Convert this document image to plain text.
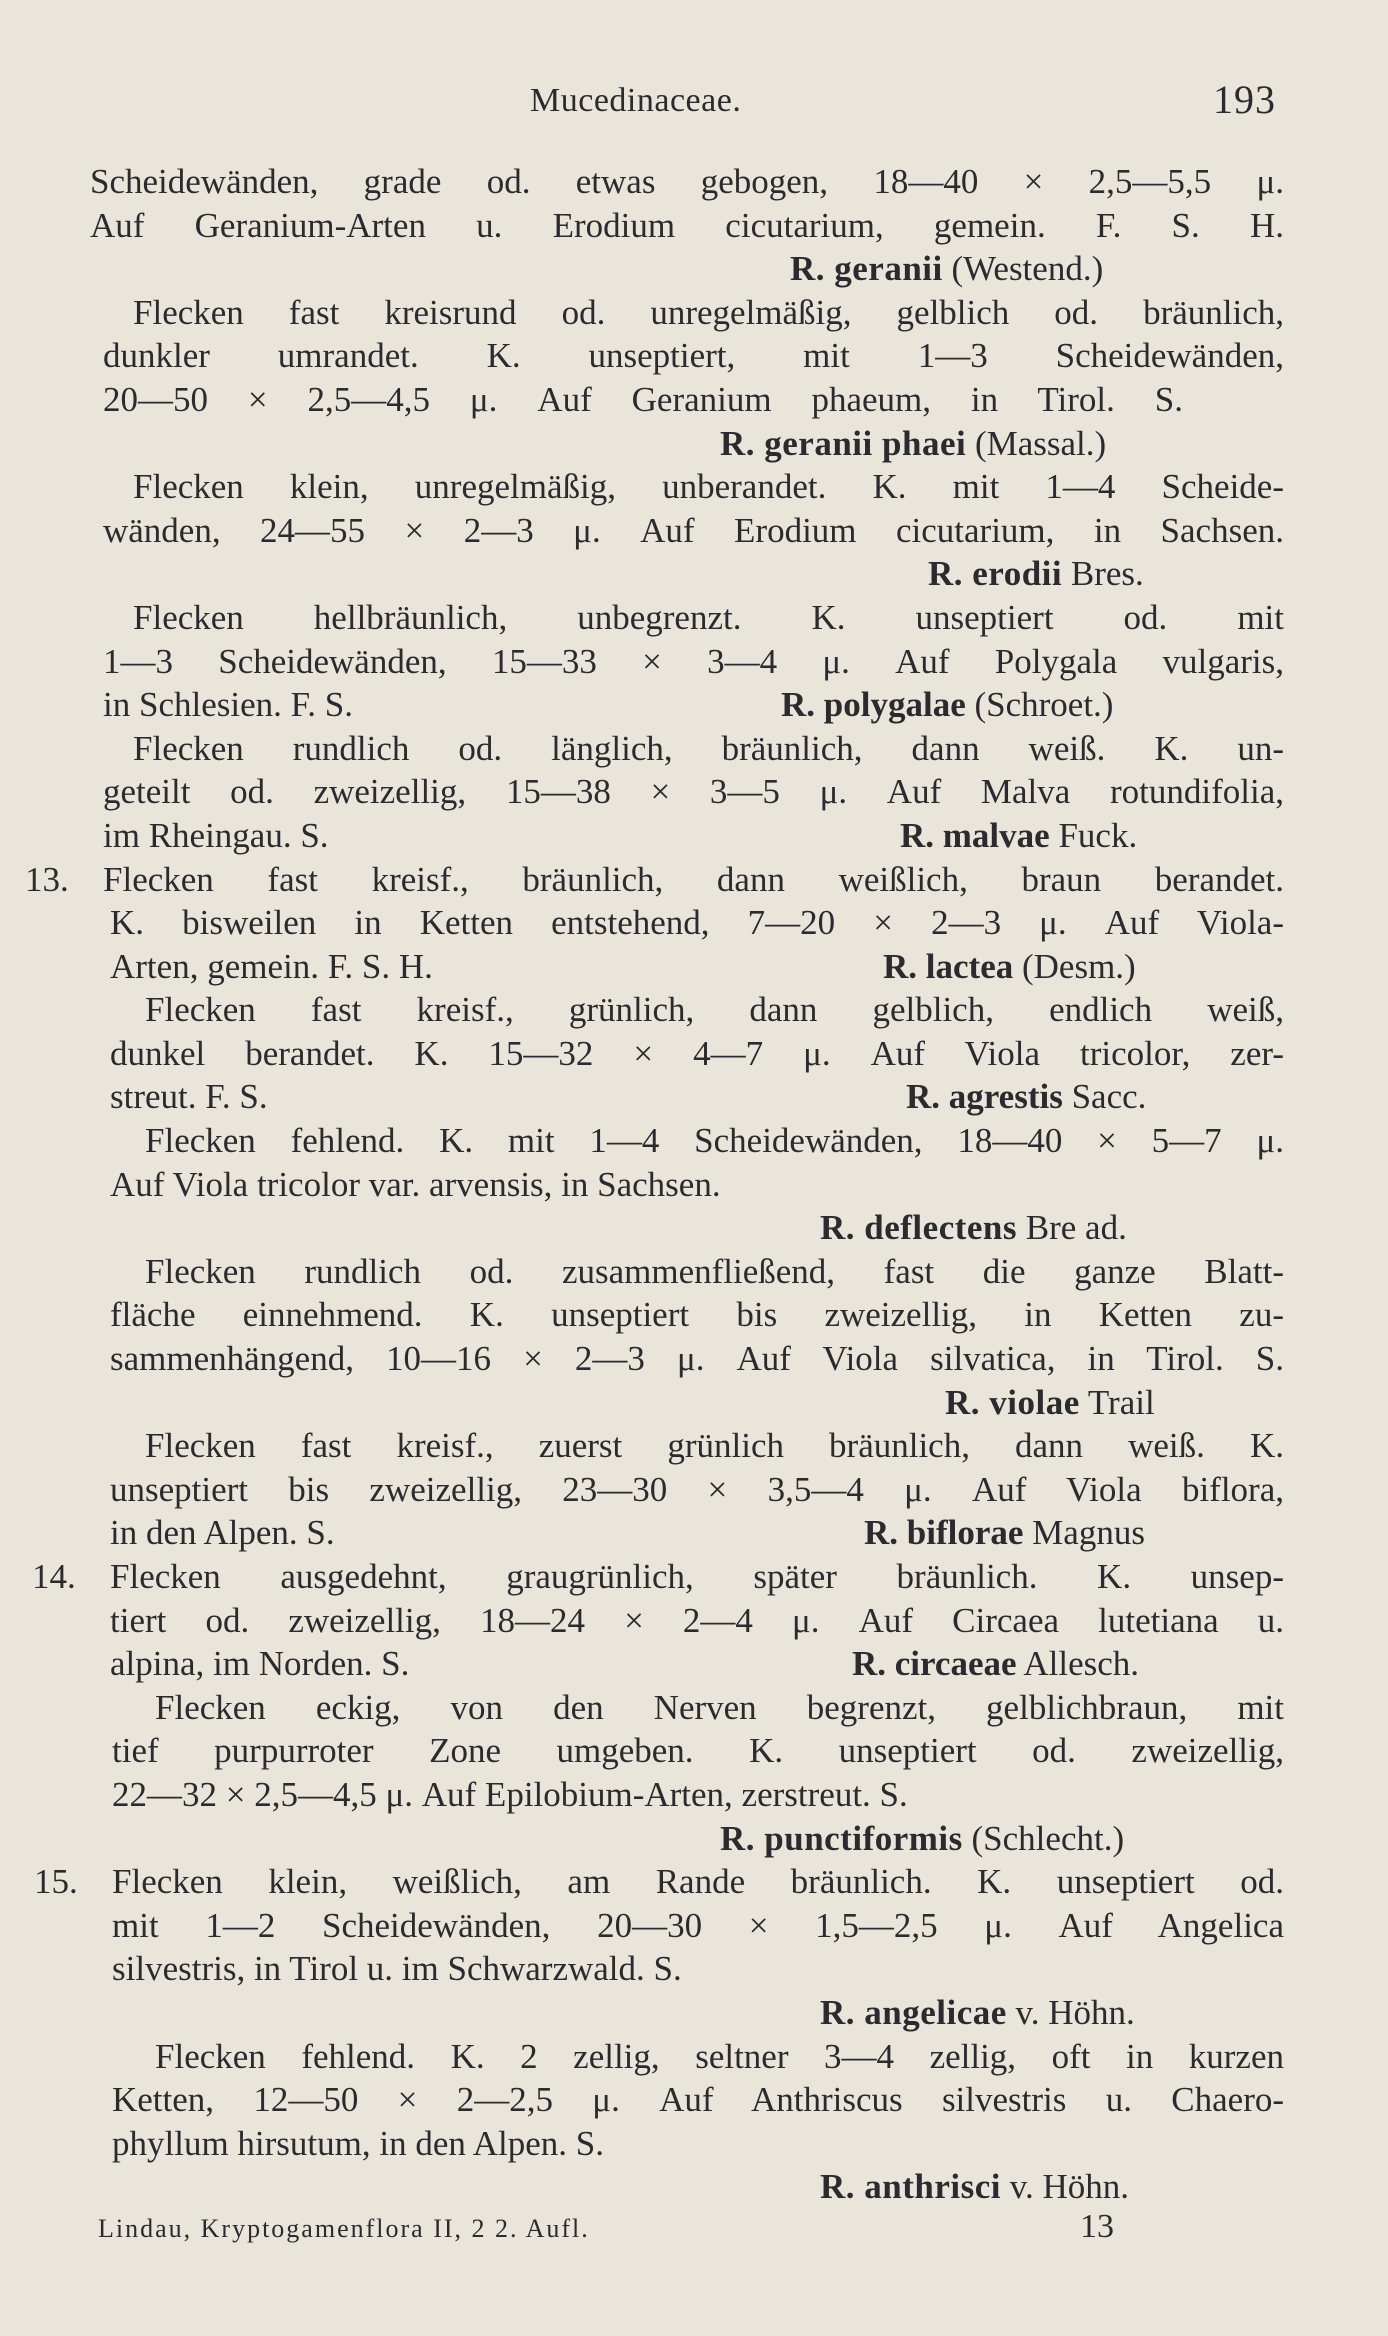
Mucedinaceae.	193
Scheidewänden, grade od. etwas gebogen, 18—40 × 2,5—5,5 μ.
Auf Geranium-Arten u. Erodium cicutarium, gemein. F. S. H.
R. geranii (Westend.)
Flecken fast kreisrund od. unregelmäßig, gelblich od. bräunlich,
dunkler umrandet. K. unseptiert, mit 1—3 Scheidewänden,
20—50 × 2,5—4,5 μ. Auf Geranium phaeum, in Tirol. S.
R. geranii phaei (Massal.)
Flecken klein, unregelmäßig, unberandet. K. mit 1—4 Scheide-
wänden, 24—55 × 2—3 μ. Auf Erodium cicutarium, in Sachsen.
R. erodii Bres.
Flecken hellbräunlich, unbegrenzt. K. unseptiert od. mit
1—3 Scheidewänden, 15—33 × 3—4 μ. Auf Polygala vulgaris,
in Schlesien. F. S.	R. polygalae (Schroet.)
Flecken rundlich od. länglich, bräunlich, dann weiß. K. un-
geteilt od. zweizellig, 15—38 × 3—5 μ. Auf Malva rotundifolia,
im Rheingau. S.	R. malvae Fuck.
13. Flecken fast kreisf., bräunlich, dann weißlich, braun berandet.
K. bisweilen in Ketten entstehend, 7—20 × 2—3 μ. Auf Viola-
Arten, gemein. F. S. H.	R. lactea (Desm.)
Flecken fast kreisf., grünlich, dann gelblich, endlich weiß,
dunkel berandet. K. 15—32 × 4—7 μ. Auf Viola tricolor, zer-
streut. F. S.	R. agrestis Sacc.
Flecken fehlend. K. mit 1—4 Scheidewänden, 18—40 × 5—7 μ.
Auf Viola tricolor var. arvensis, in Sachsen.
R. deflectens Bre ad.
Flecken rundlich od. zusammenfließend, fast die ganze Blatt-
fläche einnehmend. K. unseptiert bis zweizellig, in Ketten zu-
sammenhängend, 10—16 × 2—3 μ. Auf Viola silvatica, in Tirol. S.
R. violae Trail
Flecken fast kreisf., zuerst grünlich bräunlich, dann weiß. K.
unseptiert bis zweizellig, 23—30 × 3,5—4 μ. Auf Viola biflora,
in den Alpen. S.	R. biflorae Magnus
14. Flecken ausgedehnt, graugrünlich, später bräunlich. K. unsep-
tiert od. zweizellig, 18—24 × 2—4 μ. Auf Circaea lutetiana u.
alpina, im Norden. S.	R. circaeae Allesch.
Flecken eckig, von den Nerven begrenzt, gelblichbraun, mit
tief purpurroter Zone umgeben. K. unseptiert od. zweizellig,
22—32 × 2,5—4,5 μ. Auf Epilobium-Arten, zerstreut. S.
R. punctiformis (Schlecht.)
15. Flecken klein, weißlich, am Rande bräunlich. K. unseptiert od.
mit 1—2 Scheidewänden, 20—30 × 1,5—2,5 μ. Auf Angelica
silvestris, in Tirol u. im Schwarzwald. S.
R. angelicae v. Höhn.
Flecken fehlend. K. 2 zellig, seltner 3—4 zellig, oft in kurzen
Ketten, 12—50 × 2—2,5 μ. Auf Anthriscus silvestris u. Chaero-
phyllum hirsutum, in den Alpen. S.
R. anthrisci v. Höhn.
Lindau, Kryptogamenflora II, 2 2. Aufl.	13
